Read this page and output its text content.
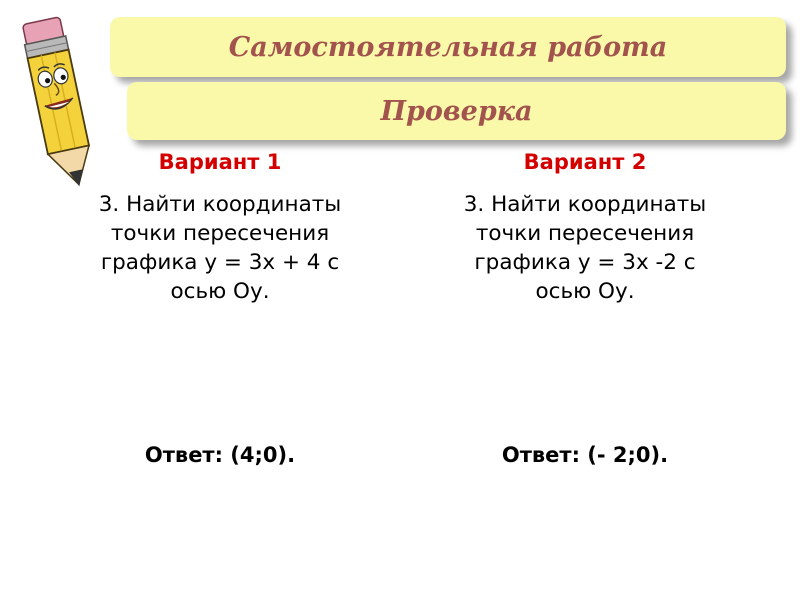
Самостоятельная работа
Проверка
Вариант 1
3. Найти координаты
точки пересечения
графика у = 3х + 4 с
осью Оу.
Ответ: (4;0).
Вариант 2
3. Найти координаты
точки пересечения
графика у = 3х -2 с
осью Оу.
Ответ: (- 2;0).
